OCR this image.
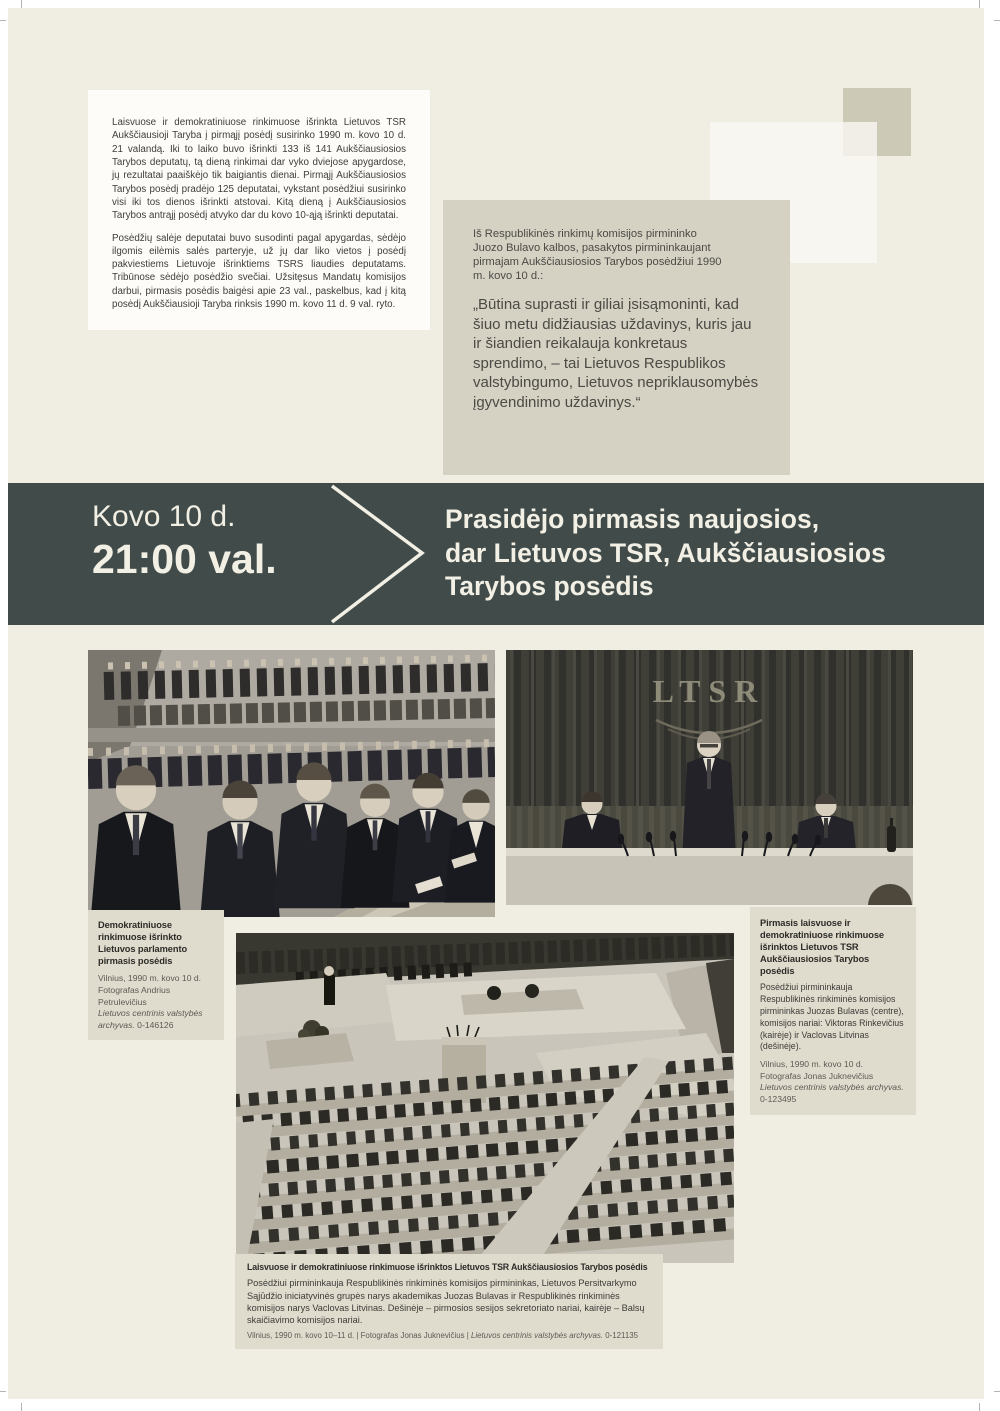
Laisvuose ir demokratiniuose rinkimuose išrinkta Lietuvos TSR Aukščiausioji Taryba į pirmąjį posėdį susirinko 1990 m. kovo 10 d. 21 valandą. Iki to laiko buvo išrinkti 133 iš 141 Aukščiausiosios Tarybos deputatų, tą dieną rinkimai dar vyko dviejose apygardose, jų rezultatai paaiškėjo tik baigiantis dienai. Pirmąjį Aukščiausiosios Tarybos posėdį pradėjo 125 deputatai, vykstant posėdžiui susirinko visi iki tos dienos išrinkti atstovai. Kitą dieną į Aukščiausiosios Tarybos antrąjį posėdį atvyko dar du kovo 10-ąją išrinkti deputatai.

Posėdžių salėje deputatai buvo susodinti pagal apygardas, sėdėjo ilgomis eilėmis salės parteryje, už jų dar liko vietos į posėdį pakviestiems Lietuvoje išrinktiems TSRS liaudies deputatams. Tribūnose sėdėjo posėdžio svečiai. Užsitęsus Mandatų komisijos darbui, pirmasis posėdis baigėsi apie 23 val., paskelbus, kad į kitą posėdį Aukščiausioji Taryba rinksis 1990 m. kovo 11 d. 9 val. ryto.

Iš Respublikinės rinkimų komisijos pirmininko Juozo Bulavo kalbos, pasakytos pirmininkaujant pirmajam Aukščiausiosios Tarybos posėdžiui 1990 m. kovo 10 d.:

„Būtina suprasti ir giliai įsisąmoninti, kad šiuo metu didžiausias uždavinys, kuris jau ir šiandien reikalauja konkretaus sprendimo, – tai Lietuvos Respublikos valstybingumo, Lietuvos nepriklausomybės įgyvendinimo uždavinys.“

Kovo 10 d.
21:00 val.
Prasidėjo pirmasis naujosios,
dar Lietuvos TSR, Aukščiausiosios
Tarybos posėdis
LTSR
Demokratiniuose rinkimuose išrinkto Lietuvos parlamento pirmasis posėdis
Vilnius, 1990 m. kovo 10 d.
Fotografas Andrius Petrulevičius
Lietuvos centrinis valstybės archyvas. 0-146126
Pirmasis laisvuose ir demokratiniuose rinkimuose išrinktos Lietuvos TSR Aukščiausiosios Tarybos posėdis
Posėdžiui pirmininkauja Respublikinės rinkiminės komisijos pirmininkas Juozas Bulavas (centre), komisijos nariai: Viktoras Rinkevičius (kairėje) ir Vaclovas Litvinas (dešinėje).
Vilnius, 1990 m. kovo 10 d.
Fotografas Jonas Juknevičius
Lietuvos centrinis valstybės archyvas.
0-123495
Laisvuose ir demokratiniuose rinkimuose išrinktos Lietuvos TSR Aukščiausiosios Tarybos posėdis
Posėdžiui pirmininkauja Respublikinės rinkiminės komisijos pirmininkas, Lietuvos Persitvarkymo Sąjūdžio iniciatyvinės grupės narys akademikas Juozas Bulavas ir Respublikinės rinkiminės komisijos narys Vaclovas Litvinas. Dešinėje – pirmosios sesijos sekretoriato nariai, kairėje – Balsų skaičiavimo komisijos nariai.
Vilnius, 1990 m. kovo 10–11 d. | Fotografas Jonas Juknevičius | Lietuvos centrinis valstybės archyvas. 0-121135
